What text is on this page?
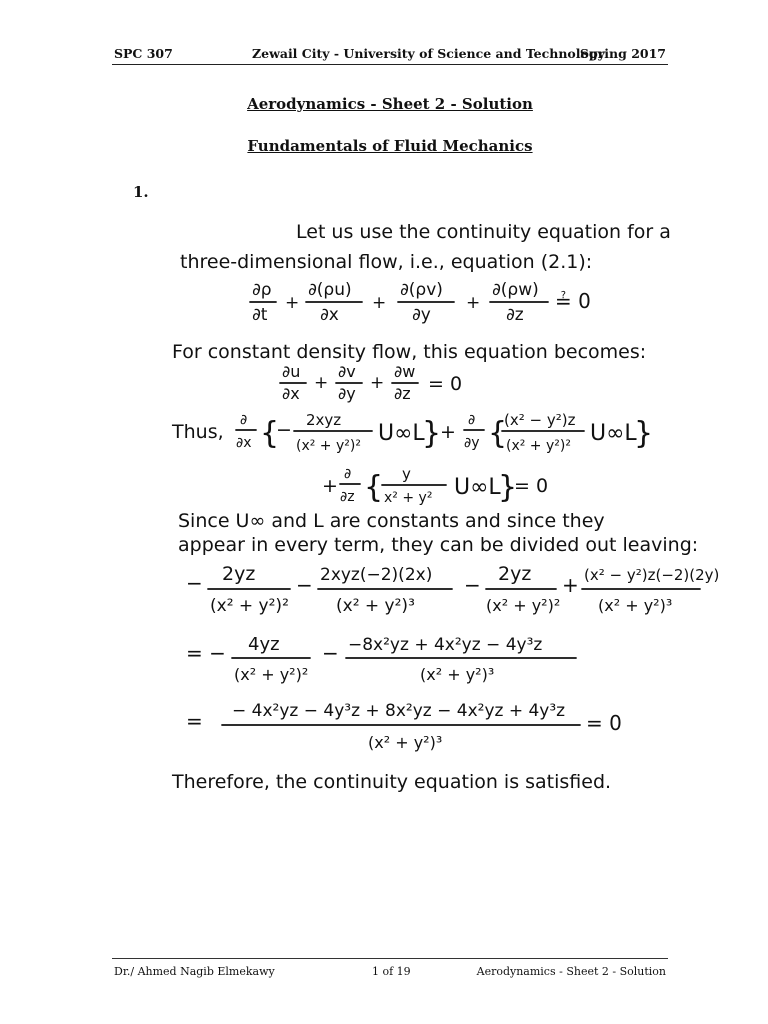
SPC 307	Zewail City - University of Science and Technology
Spring 2017
Aerodynamics - Sheet 2 - Solution
Fundamentals of Fluid Mechanics
1.
Let us use the continuity equation for a
three-dimensional flow, i.e., equation (2.1):
∂ρ
∂t
+
∂(ρu)
∂x
+
∂(ρv)
∂y
+
∂(ρw)
∂z
≟ 0
For constant density flow, this equation becomes:
∂u
∂x
+
∂v
∂y
+
∂w
∂z = 0
Thus,
∂
∂x {
− 2xyz
(x² + y²)² U∞L
}
+
∂
∂y {
(x² − y²)z
(x² + y²)² U∞L
}
+
∂
∂z { y
x² + y² U∞L
}
= 0
Since U∞ and L are constants and since they
appear in every term, they can be divided out leaving:
− 2yz
(x² + y²)²
− 2xyz(−2)(2x)
(x² + y²)³
− 2yz
(x² + y²)²
+ (x² − y²)z(−2)(2y)
(x² + y²)³
= − 4yz
(x² + y²)²
− −8x²yz + 4x²yz − 4y³z
(x² + y²)³
= − 4x²yz − 4y³z + 8x²yz − 4x²yz + 4y³z
(x² + y²)³
= 0
Therefore, the continuity equation is satisfied.
Dr./ Ahmed Nagib Elmekawy	1 of 19	Aerodynamics - Sheet 2 - Solution
